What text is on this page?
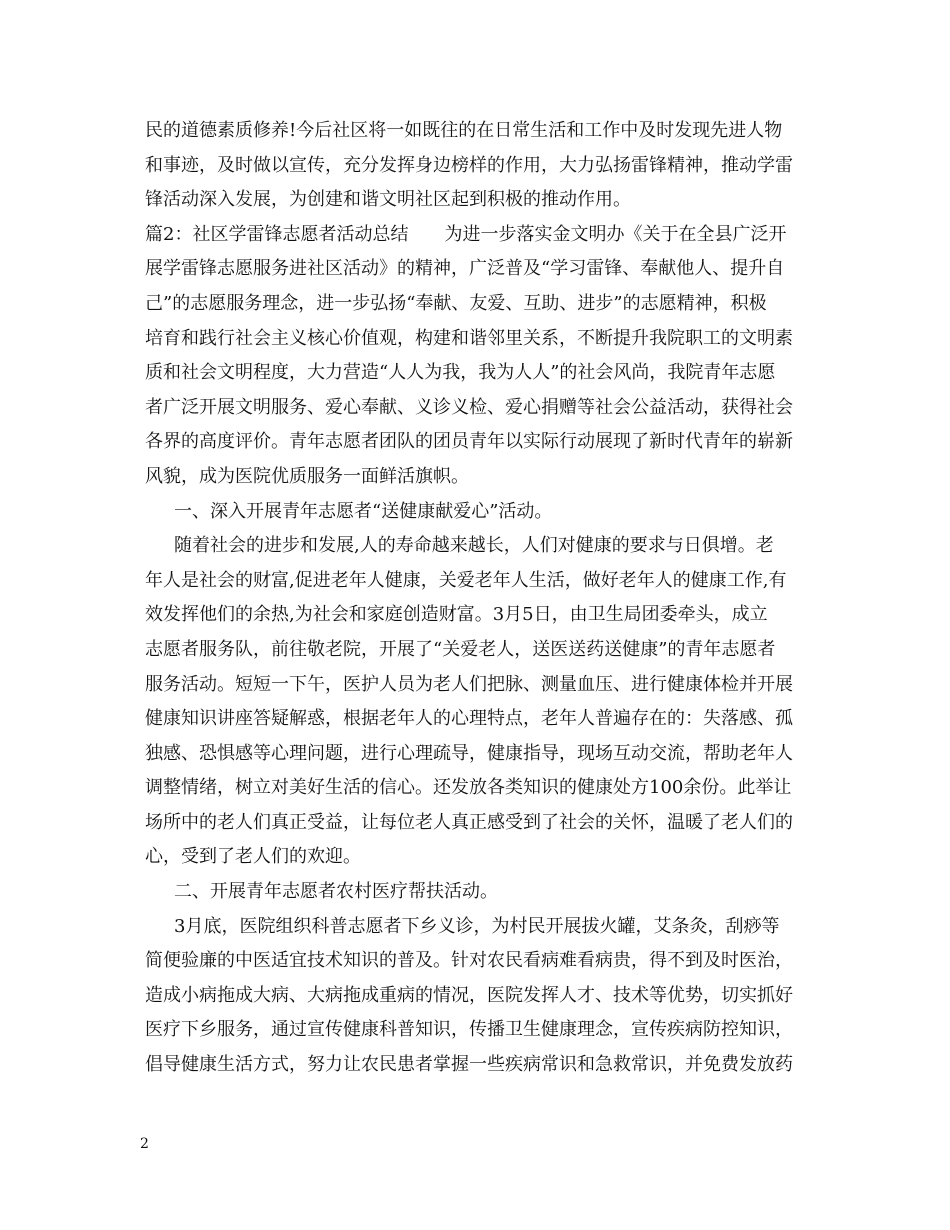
民的道德素质修养!今后社区将一如既往的在日常生活和工作中及时发现先进人物
和事迹，及时做以宣传，充分发挥身边榜样的作用，大力弘扬雷锋精神，推动学雷
锋活动深入发展，为创建和谐文明社区起到积极的推动作用。
篇2：社区学雷锋志愿者活动总结　　为进一步落实金文明办《关于在全县广泛开
展学雷锋志愿服务进社区活动》的精神，广泛普及“学习雷锋、奉献他人、提升自
己”的志愿服务理念，进一步弘扬“奉献、友爱、互助、进步”的志愿精神，积极
培育和践行社会主义核心价值观，构建和谐邻里关系，不断提升我院职工的文明素
质和社会文明程度，大力营造“人人为我，我为人人”的社会风尚，我院青年志愿
者广泛开展文明服务、爱心奉献、义诊义检、爱心捐赠等社会公益活动，获得社会
各界的高度评价。青年志愿者团队的团员青年以实际行动展现了新时代青年的崭新
风貌，成为医院优质服务一面鲜活旗帜。
一、深入开展青年志愿者“送健康献爱心”活动。
随着社会的进步和发展,人的寿命越来越长，人们对健康的要求与日俱增。老
年人是社会的财富,促进老年人健康，关爱老年人生活，做好老年人的健康工作,有
效发挥他们的余热,为社会和家庭创造财富。3月5日，由卫生局团委牵头，成立
志愿者服务队，前往敬老院，开展了“关爱老人，送医送药送健康”的青年志愿者
服务活动。短短一下午，医护人员为老人们把脉、测量血压、进行健康体检并开展
健康知识讲座答疑解惑，根据老年人的心理特点，老年人普遍存在的：失落感、孤
独感、恐惧感等心理问题，进行心理疏导，健康指导，现场互动交流，帮助老年人
调整情绪，树立对美好生活的信心。还发放各类知识的健康处方100余份。此举让
场所中的老人们真正受益，让每位老人真正感受到了社会的关怀，温暖了老人们的
心，受到了老人们的欢迎。
二、开展青年志愿者农村医疗帮扶活动。
3月底，医院组织科普志愿者下乡义诊，为村民开展拔火罐，艾条灸，刮痧等
简便验廉的中医适宜技术知识的普及。针对农民看病难看病贵，得不到及时医治，
造成小病拖成大病、大病拖成重病的情况，医院发挥人才、技术等优势，切实抓好
医疗下乡服务，通过宣传健康科普知识，传播卫生健康理念，宣传疾病防控知识，
倡导健康生活方式，努力让农民患者掌握一些疾病常识和急救常识，并免费发放药
2
